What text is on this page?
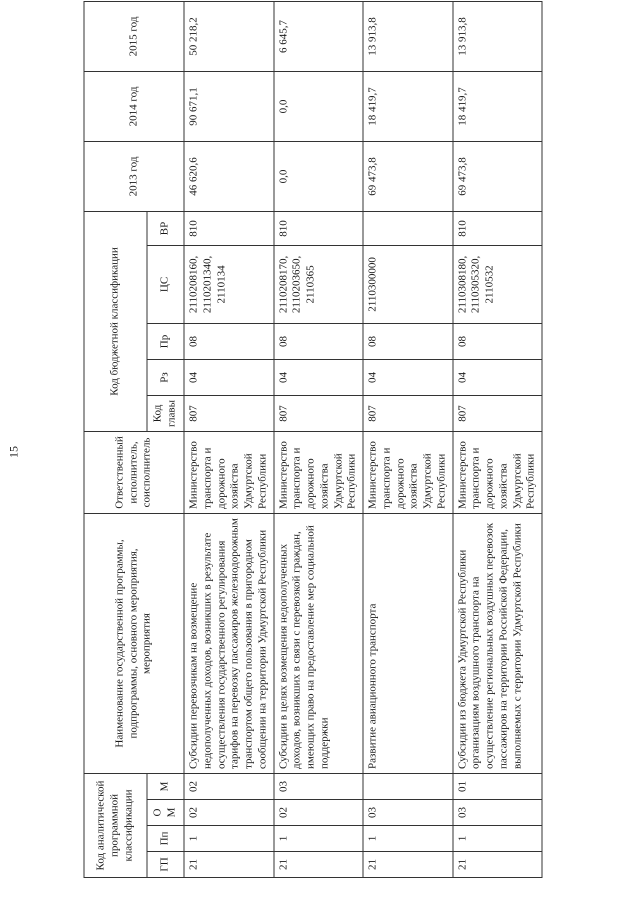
15
Код аналитической программной классификации				Наименование государственной программы, подпрограммы, основного мероприятия, мероприятия	Ответственный исполнитель, соисполнитель	Код бюджетной классификации					2013 год	2014 год	2015 год
ГП	Пп	ОМ	М			Код главы	Рз	Пр	ЦС	ВР			
21	1	02	02	Субсидии перевозчикам на возмещение недополученных доходов, возникших в результате осуществления государственного регулирования тарифов на перевозку пассажиров железнодорожным транспортом общего пользования в пригородном сообщении на территории Удмуртской Республики	Министерство транспорта и дорожного хозяйства Удмуртской Республики	807	04	08	2110208160, 2110201340, 2110134	810	46 620,6	90 671,1	50 218,2
21	1	02	03	Субсидии в целях возмещения недополученных доходов, возникших в связи с перевозкой граждан, имеющих право на предоставление мер социальной поддержки	Министерство транспорта и дорожного хозяйства Удмуртской Республики	807	04	08	2110208170, 2110203650, 2110365	810	0,0	0,0	6 645,7
21	1	03		Развитие авиационного транспорта	Министерство транспорта и дорожного хозяйства Удмуртской Республики	807	04	08	2110300000		69 473,8	18 419,7	13 913,8
21	1	03	01	Субсидии из бюджета Удмуртской Республики организациям воздушного транспорта на осуществление региональных воздушных перевозок пассажиров на территории Российской Федерации, выполняемых с территории Удмуртской Республики	Министерство транспорта и дорожного хозяйства Удмуртской Республики	807	04	08	2110308180, 2110305320, 2110532	810	69 473,8	18 419,7	13 913,8
